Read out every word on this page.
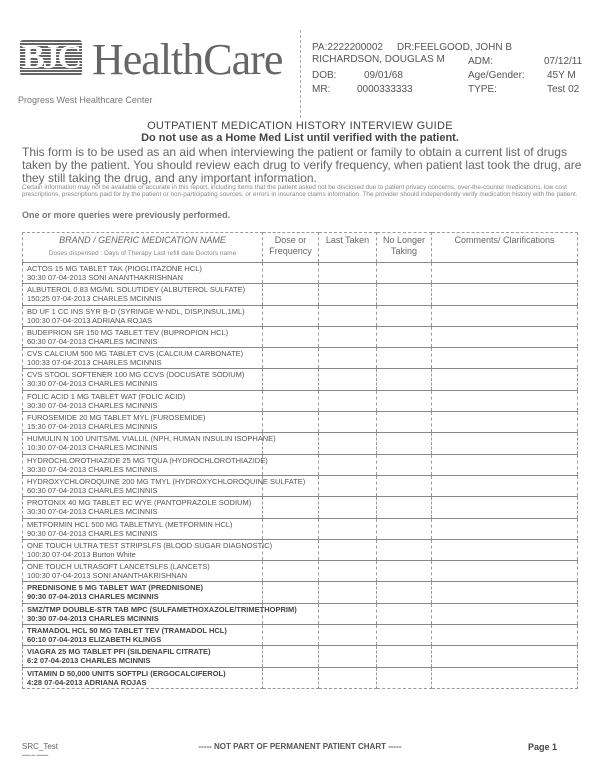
BJC HealthCare
Progress West Healthcare Center
PA:2222200002 DR:FEELGOOD, JOHN B
RICHARDSON, DOUGLAS M ADM:	07/12/11
DOB:	09/01/68	Age/Gender: 45Y M
MR:	0000333333	TYPE:	Test 02
OUTPATIENT MEDICATION HISTORY INTERVIEW GUIDE
Do not use as a Home Med List until verified with the patient.
This form is to be used as an aid when interviewing the patient or family to obtain a current list of drugs taken by the patient. You should review each drug to verify frequency, when patient last took the drug, are they still taking the drug, and any important information.
Certain information may not be available or accurate in this report, including items that the patient asked not be disclosed due to patient privacy concerns, over-the-counter medications, low cost prescriptions, prescriptions paid for by the patient or non-participating sources, or errors in insurance claims information. The provider should independently verify medication history with the patient.
One or more queries were previously performed.
BRAND / GENERIC MEDICATION NAME
Doses dispensed : Days of Therapy Last refill date Doctors name	Dose or Frequency	Last Taken	No Longer Taking	Comments/ Clarifications

ACTOS 15 MG TABLET TAK (PIOGLITAZONE HCL)
30:30 07-04-2013 SONI ANANTHAKRISHNAN				

ALBUTEROL 0.83 MG/ML SOLUTIDEY (ALBUTEROL SULFATE)
150:25 07-04-2013 CHARLES MCINNIS				

BD UF 1 CC INS SYR B-D (SYRINGE W-NDL, DISP,INSUL,1ML)
100:30 07-04-2013 ADRIANA ROJAS				

BUDEPRION SR 150 MG TABLET TEV (BUPROPION HCL)
60:30 07-04-2013 CHARLES MCINNIS				

CVS CALCIUM 500 MG TABLET CVS (CALCIUM CARBONATE)
100:33 07-04-2013 CHARLES MCINNIS				

CVS STOOL SOFTENER 100 MG CCVS (DOCUSATE SODIUM)
30:30 07-04-2013 CHARLES MCINNIS				

FOLIC ACID 1 MG TABLET WAT (FOLIC ACID)
30:30 07-04-2013 CHARLES MCINNIS				

FUROSEMIDE 20 MG TABLET MYL (FUROSEMIDE)
15:30 07-04-2013 CHARLES MCINNIS				

HUMULIN N 100 UNITS/ML VIALLIL (NPH, HUMAN INSULIN ISOPHANE)
10:30 07-04-2013 CHARLES MCINNIS				

HYDROCHLOROTHIAZIDE 25 MG TQUA (HYDROCHLOROTHIAZIDE)
30:30 07-04-2013 CHARLES MCINNIS				

HYDROXYCHLOROQUINE 200 MG TMYL (HYDROXYCHLOROQUINE SULFATE)
60:30 07-04-2013 CHARLES MCINNIS				

PROTONIX 40 MG TABLET EC WYE (PANTOPRAZOLE SODIUM)
30:30 07-04-2013 CHARLES MCINNIS				

METFORMIN HCL 500 MG TABLETMYL (METFORMIN HCL)
90:30 07-04-2013 CHARLES MCINNIS				

ONE TOUCH ULTRA TEST STRIPSLFS (BLOOD SUGAR DIAGNOSTIC)
100:30 07-04-2013 Burton White				

ONE TOUCH ULTRASOFT LANCETSLFS (LANCETS)
100:30 07-04-2013 SONI ANANTHAKRISHNAN				

PREDNISONE 5 MG TABLET WAT (PREDNISONE)
90:30 07-04-2013 CHARLES MCINNIS				

SMZ/TMP DOUBLE-STR TAB MPC (SULFAMETHOXAZOLE/TRIMETHOPRIM)
30:30 07-04-2013 CHARLES MCINNIS				

TRAMADOL HCL 50 MG TABLET TEV (TRAMADOL HCL)
60:10 07-04-2013 ELIZABETH KLINGS				

VIAGRA 25 MG TABLET PFI (SILDENAFIL CITRATE)
6:2 07-04-2013 CHARLES MCINNIS				

VITAMIN D 50,000 UNITS SOFTPLI (ERGOCALCIFEROL)
4:28 07-04-2013 ADRIANA ROJAS				

SRC_Test
▬▬ ▬ ▬▬▬
----- NOT PART OF PERMANENT PATIENT CHART -----	Page 1
